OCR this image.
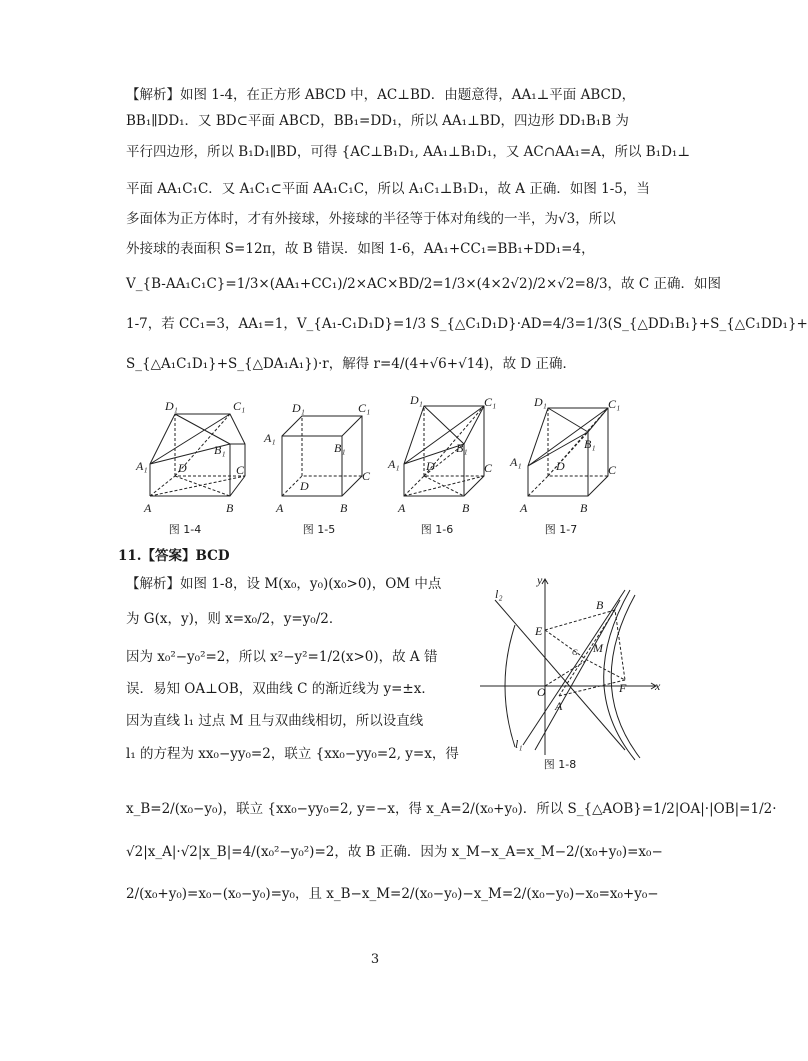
【解析】如图 1-4，在正方形 ABCD 中，AC⊥BD．由题意得，AA₁⊥平面 ABCD，
BB₁∥DD₁．又 BD⊂平面 ABCD，BB₁=DD₁，所以 AA₁⊥BD，四边形 DD₁B₁B 为
平行四边形，所以 B₁D₁∥BD，可得 {AC⊥B₁D₁, AA₁⊥B₁D₁，又 AC∩AA₁=A，所以 B₁D₁⊥
平面 AA₁C₁C．又 A₁C₁⊂平面 AA₁C₁C，所以 A₁C₁⊥B₁D₁，故 A 正确．如图 1-5，当
多面体为正方体时，才有外接球，外接球的半径等于体对角线的一半，为√3，所以
外接球的表面积 S=12π，故 B 错误．如图 1-6，AA₁+CC₁=BB₁+DD₁=4，
V_{B-AA₁C₁C}=1/3×(AA₁+CC₁)/2×AC×BD/2=1/3×(4×2√2)/2×√2=8/3，故 C 正确．如图
1-7，若 CC₁=3，AA₁=1，V_{A₁-C₁D₁D}=1/3 S_{△C₁D₁D}·AD=4/3=1/3(S_{△DD₁B₁}+S_{△C₁DD₁}+
S_{△A₁C₁D₁}+S_{△DA₁A₁})·r，解得 r=4/(4+√6+√14)，故 D 正确．
D₁	C₁
B₁
A₁	D	C
A	B
图 1-4
D₁	C₁
A₁
B₁
D
C
A	B
图 1-5
D₁	C₁
B₁
A₁ D	C
A	B
图 1-6
D₁	C₁
B₁
A₁	D	C
A	B
图 1-7
11.【答案】BCD
【解析】如图 1-8，设 M(x₀，y₀)(x₀>0)，OM 中点
为 G(x，y)，则 x=x₀/2，y=y₀/2．
因为 x₀²−y₀²=2，所以 x²−y²=1/2(x>0)，故 A 错
误．易知 OA⊥OB，双曲线 C 的渐近线为 y=±x．
因为直线 l₁ 过点 M 且与双曲线相切，所以设直线
l₁ 的方程为 xx₀−yy₀=2，联立 {xx₀−yy₀=2, y=x，得
x_B=2/(x₀−y₀)，联立 {xx₀−yy₀=2, y=−x，得 x_A=2/(x₀+y₀)．所以 S_{△AOB}=1/2|OA|·|OB|=1/2·
√2|x_A|·√2|x_B|=4/(x₀²−y₀²)=2，故 B 正确．因为 x_M−x_A=x_M−2/(x₀+y₀)=x₀−
2/(x₀+y₀)=x₀−(x₀−y₀)=y₀，且 x_B−x_M=2/(x₀−y₀)−x_M=2/(x₀−y₀)−x₀=x₀+y₀−
y
x
O
B
E
M
G
F
A
l₂
l₁
图 1-8
3
